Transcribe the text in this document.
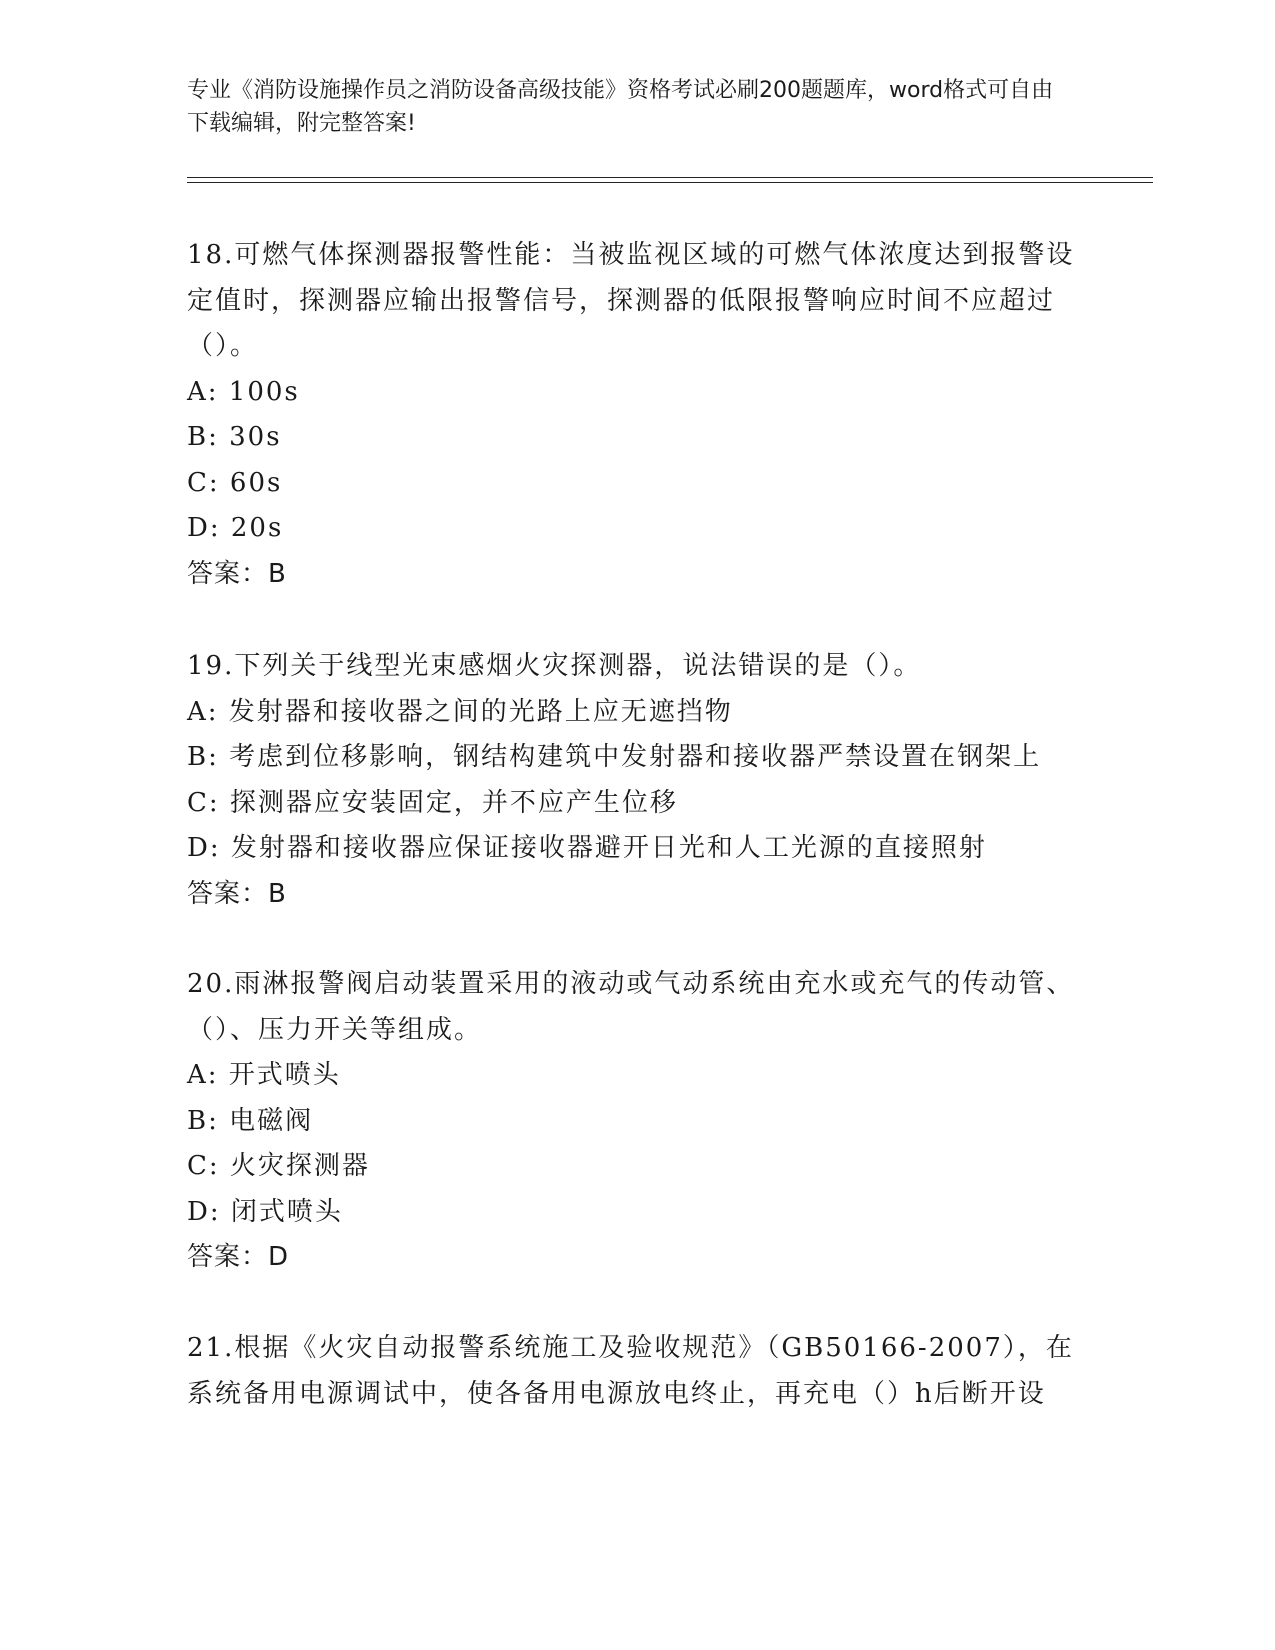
专业《消防设施操作员之消防设备高级技能》资格考试必刷200题题库，word格式可自由下载编辑，附完整答案!
18.可燃气体探测器报警性能：当被监视区域的可燃气体浓度达到报警设定值时，探测器应输出报警信号，探测器的低限报警响应时间不应超过（）。
A: 100s
B: 30s
C: 60s
D: 20s
答案：B
19.下列关于线型光束感烟火灾探测器，说法错误的是（）。
A: 发射器和接收器之间的光路上应无遮挡物
B: 考虑到位移影响，钢结构建筑中发射器和接收器严禁设置在钢架上
C: 探测器应安装固定，并不应产生位移
D: 发射器和接收器应保证接收器避开日光和人工光源的直接照射
答案：B
20.雨淋报警阀启动装置采用的液动或气动系统由充水或充气的传动管、（）、压力开关等组成。
A: 开式喷头
B: 电磁阀
C: 火灾探测器
D: 闭式喷头
答案：D
21.根据《火灾自动报警系统施工及验收规范》（GB50166-2007），在系统备用电源调试中，使各备用电源放电终止，再充电（）h后断开设
